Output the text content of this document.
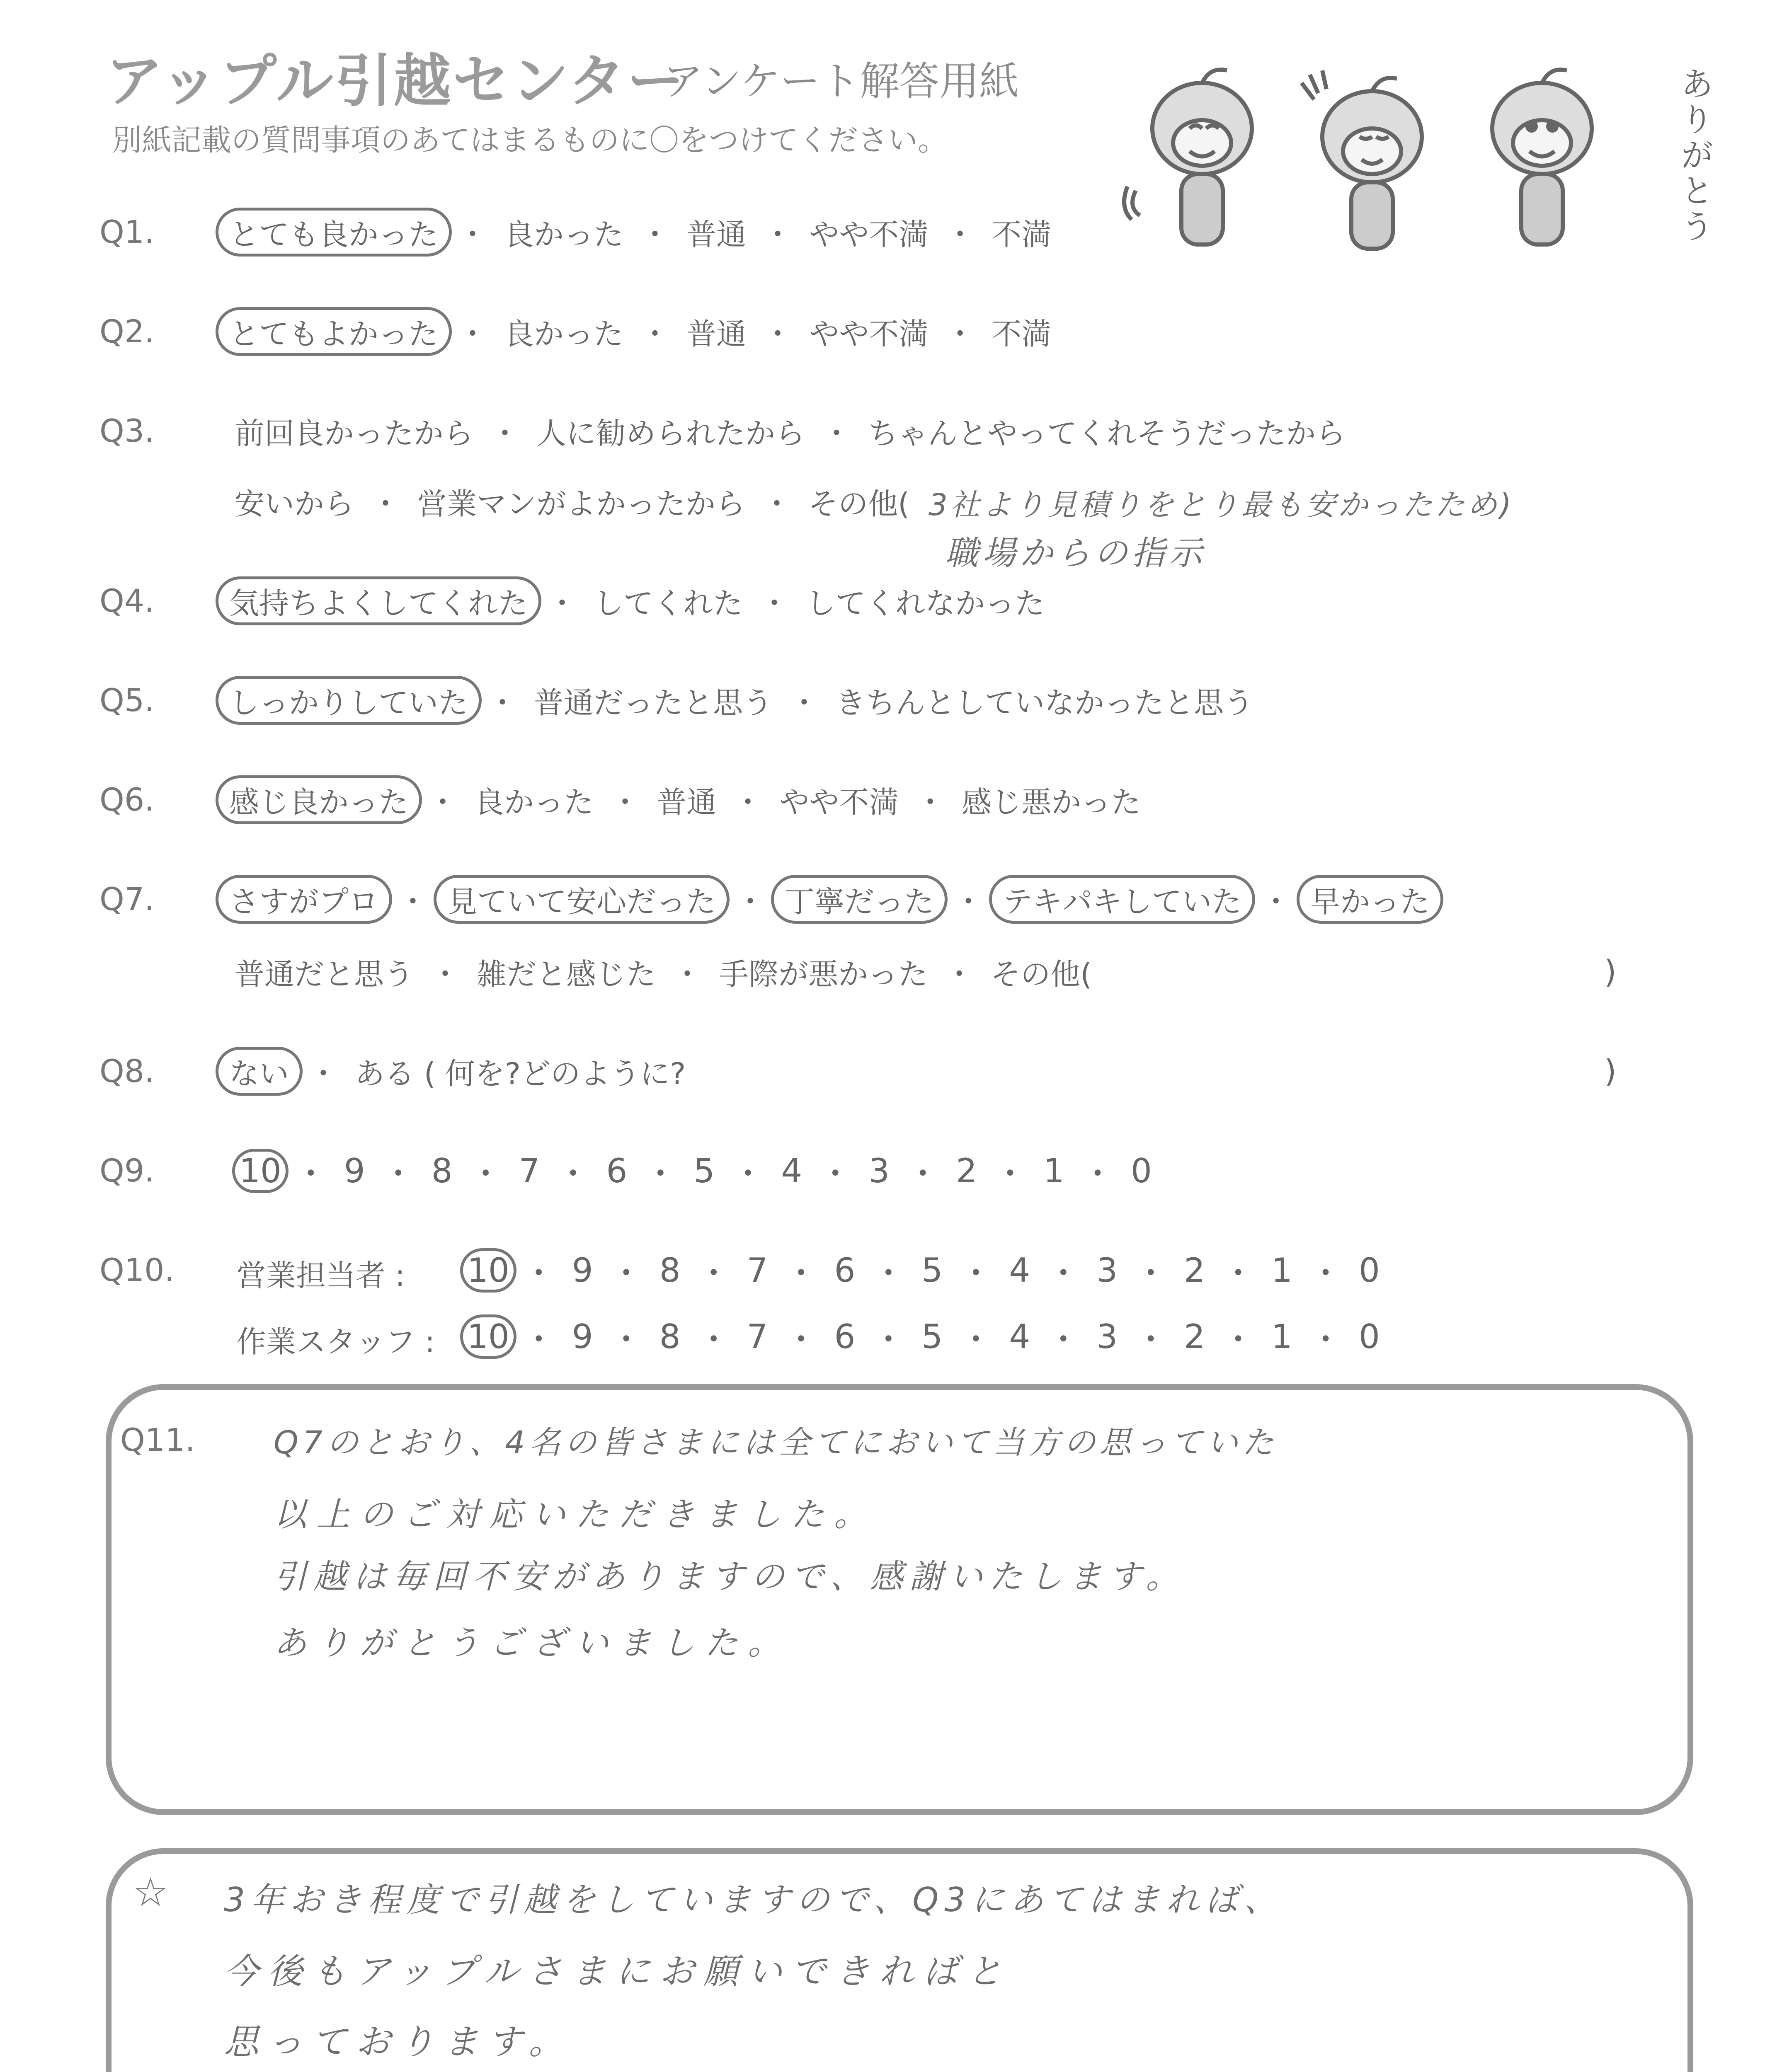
アップル引越センター
アンケート解答用紙
別紙記載の質問事項のあてはまるものに〇をつけてください。	ありがとう
Q1.	とても良かった ・ 良かった ・ 普通 ・ やや不満 ・ 不満
Q2.	とてもよかった ・ 良かった ・ 普通 ・ やや不満 ・ 不満
Q3.	前回良かったから ・ 人に勧められたから ・ ちゃんとやってくれそうだったから
安いから ・ 営業マンがよかったから ・ その他( 3社より見積りをとり最も安かったため)
職場からの指示
Q4.	気持ちよくしてくれた ・ してくれた ・ してくれなかった
Q5.	しっかりしていた ・ 普通だったと思う ・ きちんとしていなかったと思う
Q6.	感じ良かった ・ 良かった ・ 普通 ・ やや不満 ・ 感じ悪かった
Q7.	さすがプロ ・ 見ていて安心だった ・ 丁寧だった ・ テキパキしていた ・ 早かった
普通だと思う ・ 雑だと感じた ・ 手際が悪かった ・ その他(	)
Q8.	ない ・ ある ( 何を?どのように?	)
Q9.	10 ・ 9 ・ 8 ・ 7 ・ 6 ・ 5 ・ 4 ・ 3 ・ 2 ・ 1 ・ 0
Q10. 営業担当者 : 10 ・ 9 ・ 8 ・ 7 ・ 6 ・ 5 ・ 4 ・ 3 ・ 2 ・ 1 ・ 0
作業スタッフ : 10 ・ 9 ・ 8 ・ 7 ・ 6 ・ 5 ・ 4 ・ 3 ・ 2 ・ 1 ・ 0
Q11. Q7のとおり、4名の皆さまには全てにおいて当方の思っていた
以上のご対応いただきました。
引越は毎回不安がありますので、感謝いたします。
ありがとうございました。
☆ 3年おき程度で引越をしていますので、Q3にあてはまれば、
今後もアップルさまにお願いできればと
思っております。
